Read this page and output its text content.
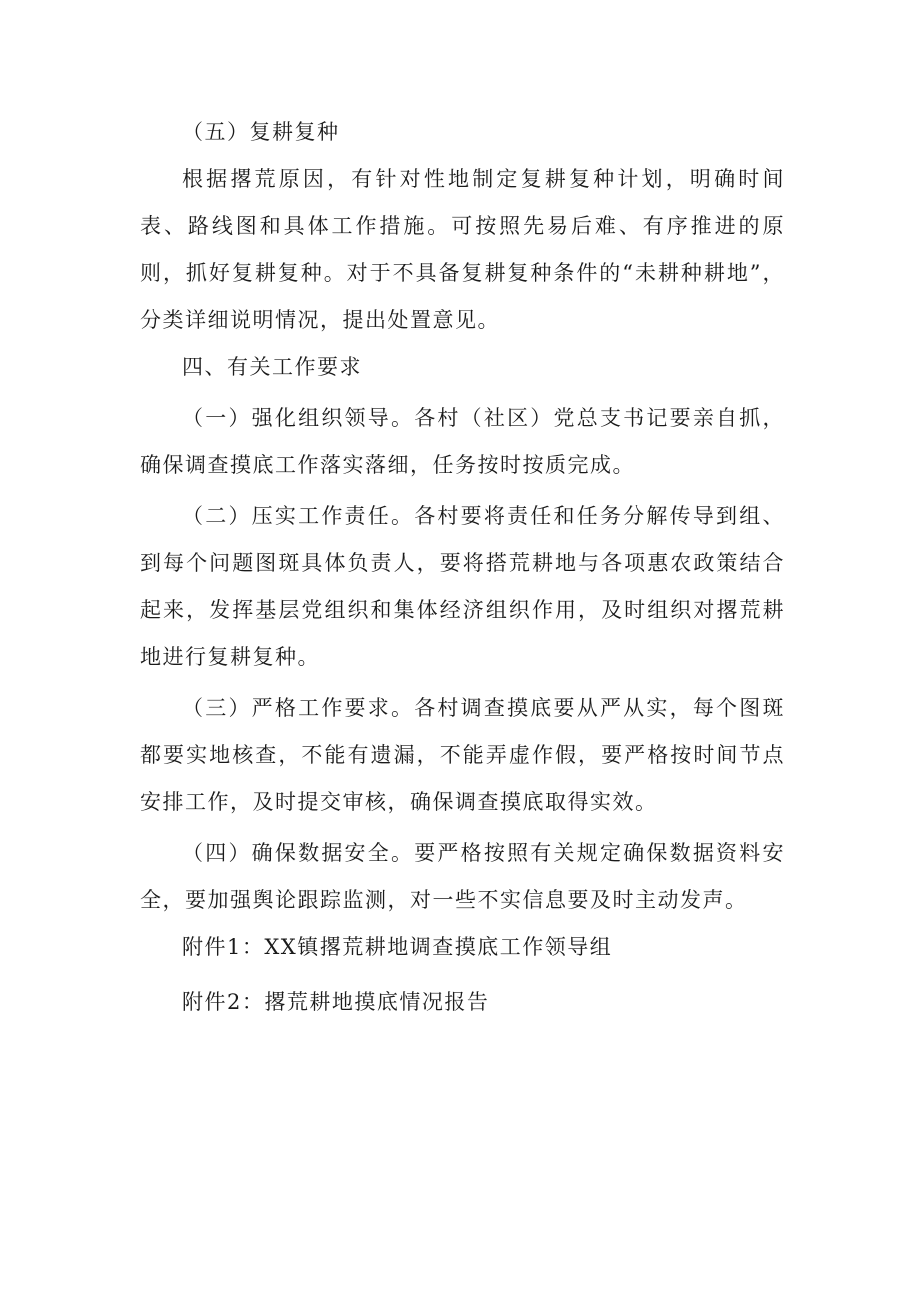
（五）复耕复种

根据撂荒原因，有针对性地制定复耕复种计划，明确时间表、路线图和具体工作措施。可按照先易后难、有序推进的原则，抓好复耕复种。对于不具备复耕复种条件的“未耕种耕地”，分类详细说明情况，提出处置意见。

四、有关工作要求

（一）强化组织领导。各村（社区）党总支书记要亲自抓，确保调查摸底工作落实落细，任务按时按质完成。

（二）压实工作责任。各村要将责任和任务分解传导到组、到每个问题图斑具体负责人，要将搭荒耕地与各项惠农政策结合起来，发挥基层党组织和集体经济组织作用，及时组织对撂荒耕地进行复耕复种。

（三）严格工作要求。各村调查摸底要从严从实，每个图斑都要实地核查，不能有遗漏，不能弄虚作假，要严格按时间节点安排工作，及时提交审核，确保调查摸底取得实效。

（四）确保数据安全。要严格按照有关规定确保数据资料安全，要加强舆论跟踪监测，对一些不实信息要及时主动发声。

附件1：XX镇撂荒耕地调查摸底工作领导组

附件2：撂荒耕地摸底情况报告
